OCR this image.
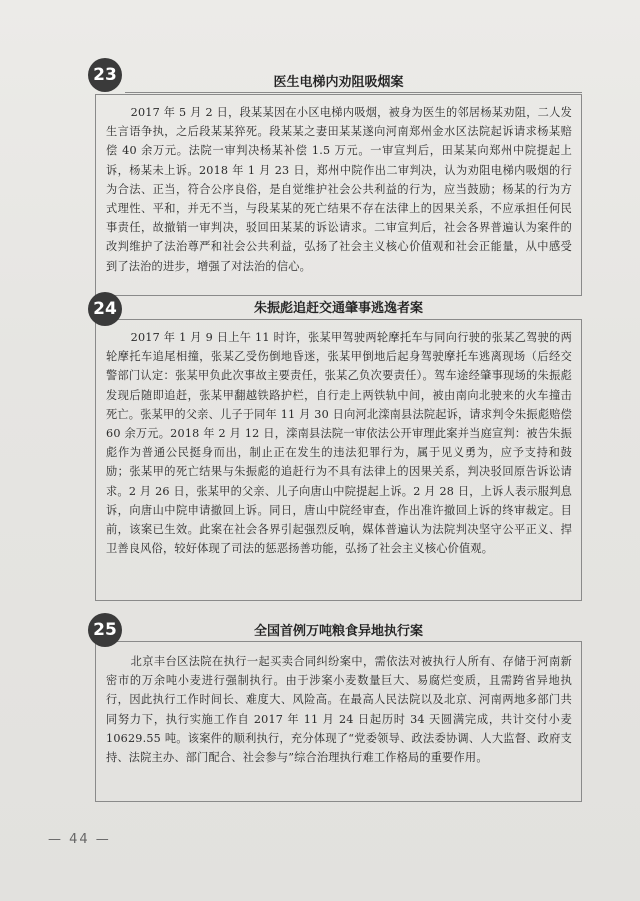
23	医生电梯内劝阻吸烟案

2017 年 5 月 2 日，段某某因在小区电梯内吸烟，被身为医生的邻居杨某劝阻，二人发生言语争执，之后段某某猝死。段某某之妻田某某遂向河南郑州金水区法院起诉请求杨某赔偿 40 余万元。法院一审判决杨某补偿 1.5 万元。一审宣判后，田某某向郑州中院提起上诉，杨某未上诉。2018 年 1 月 23 日，郑州中院作出二审判决，认为劝阻电梯内吸烟的行为合法、正当，符合公序良俗，是自觉维护社会公共利益的行为，应当鼓励；杨某的行为方式理性、平和，并无不当，与段某某的死亡结果不存在法律上的因果关系，不应承担任何民事责任，故撤销一审判决，驳回田某某的诉讼请求。二审宣判后，社会各界普遍认为案件的改判维护了法治尊严和社会公共利益，弘扬了社会主义核心价值观和社会正能量，从中感受到了法治的进步，增强了对法治的信心。

24	朱振彪追赶交通肇事逃逸者案

2017 年 1 月 9 日上午 11 时许，张某甲驾驶两轮摩托车与同向行驶的张某乙驾驶的两轮摩托车追尾相撞，张某乙受伤倒地昏迷，张某甲倒地后起身驾驶摩托车逃离现场（后经交警部门认定：张某甲负此次事故主要责任，张某乙负次要责任）。驾车途经肇事现场的朱振彪发现后随即追赶，张某甲翻越铁路护栏，自行走上两铁轨中间，被由南向北驶来的火车撞击死亡。张某甲的父亲、儿子于同年 11 月 30 日向河北滦南县法院起诉，请求判令朱振彪赔偿 60 余万元。2018 年 2 月 12 日，滦南县法院一审依法公开审理此案并当庭宣判：被告朱振彪作为普通公民挺身而出，制止正在发生的违法犯罪行为，属于见义勇为，应予支持和鼓励；张某甲的死亡结果与朱振彪的追赶行为不具有法律上的因果关系，判决驳回原告诉讼请求。2 月 26 日，张某甲的父亲、儿子向唐山中院提起上诉。2 月 28 日，上诉人表示服判息诉，向唐山中院申请撤回上诉。同日，唐山中院经审查，作出准许撤回上诉的终审裁定。目前，该案已生效。此案在社会各界引起强烈反响，媒体普遍认为法院判决坚守公平正义、捍卫善良风俗，较好体现了司法的惩恶扬善功能，弘扬了社会主义核心价值观。

25	全国首例万吨粮食异地执行案

北京丰台区法院在执行一起买卖合同纠纷案中，需依法对被执行人所有、存储于河南新密市的万余吨小麦进行强制执行。由于涉案小麦数量巨大、易腐烂变质，且需跨省异地执行，因此执行工作时间长、难度大、风险高。在最高人民法院以及北京、河南两地多部门共同努力下，执行实施工作自 2017 年 11 月 24 日起历时 34 天圆满完成，共计交付小麦 10629.55 吨。该案件的顺利执行，充分体现了“党委领导、政法委协调、人大监督、政府支持、法院主办、部门配合、社会参与”综合治理执行难工作格局的重要作用。

— 44 —
